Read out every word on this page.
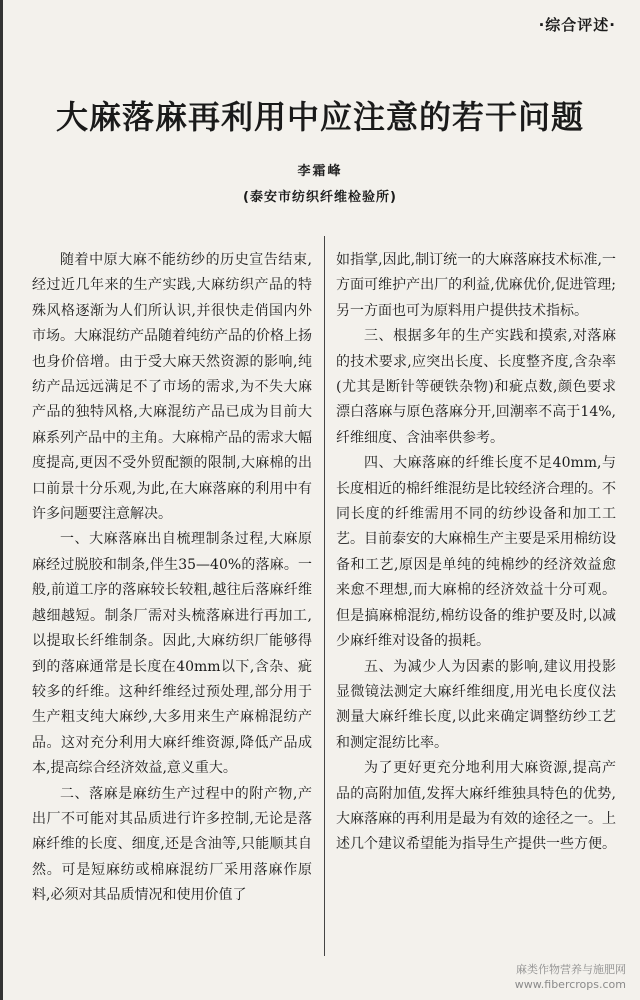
·综合评述·
大麻落麻再利用中应注意的若干问题
李霜峰
(泰安市纺织纤维检验所)

随着中原大麻不能纺纱的历史宣告结束,经过近几年来的生产实践,大麻纺织产品的特殊风格逐渐为人们所认识,并很快走俏国内外市场。大麻混纺产品随着纯纺产品的价格上扬也身价倍增。由于受大麻天然资源的影响,纯纺产品远远满足不了市场的需求,为不失大麻产品的独特风格,大麻混纺产品已成为目前大麻系列产品中的主角。大麻棉产品的需求大幅度提高,更因不受外贸配额的限制,大麻棉的出口前景十分乐观,为此,在大麻落麻的利用中有许多问题要注意解决。

一、大麻落麻出自梳理制条过程,大麻原麻经过脱胶和制条,伴生35—40%的落麻。一般,前道工序的落麻较长较粗,越往后落麻纤维越细越短。制条厂需对头梳落麻进行再加工,以提取长纤维制条。因此,大麻纺织厂能够得到的落麻通常是长度在40mm以下,含杂、疵较多的纤维。这种纤维经过预处理,部分用于生产粗支纯大麻纱,大多用来生产麻棉混纺产品。这对充分利用大麻纤维资源,降低产品成本,提高综合经济效益,意义重大。

二、落麻是麻纺生产过程中的附产物,产出厂不可能对其品质进行许多控制,无论是落麻纤维的长度、细度,还是含油等,只能顺其自然。可是短麻纺或棉麻混纺厂采用落麻作原料,必须对其品质情况和使用价值了

如指掌,因此,制订统一的大麻落麻技术标准,一方面可维护产出厂的利益,优麻优价,促进管理;另一方面也可为原料用户提供技术指标。

三、根据多年的生产实践和摸索,对落麻的技术要求,应突出长度、长度整齐度,含杂率(尤其是断针等硬铁杂物)和疵点数,颜色要求漂白落麻与原色落麻分开,回潮率不高于14%,纤维细度、含油率供参考。

四、大麻落麻的纤维长度不足40mm,与长度相近的棉纤维混纺是比较经济合理的。不同长度的纤维需用不同的纺纱设备和加工工艺。目前泰安的大麻棉生产主要是采用棉纺设备和工艺,原因是单纯的纯棉纱的经济效益愈来愈不理想,而大麻棉的经济效益十分可观。但是搞麻棉混纺,棉纺设备的维护要及时,以减少麻纤维对设备的损耗。

五、为减少人为因素的影响,建议用投影显微镜法测定大麻纤维细度,用光电长度仪法测量大麻纤维长度,以此来确定调整纺纱工艺和测定混纺比率。

为了更好更充分地利用大麻资源,提高产品的高附加值,发挥大麻纤维独具特色的优势,大麻落麻的再利用是最为有效的途径之一。上述几个建议希望能为指导生产提供一些方便。

麻类作物营养与施肥网
www.fibercrops.com
